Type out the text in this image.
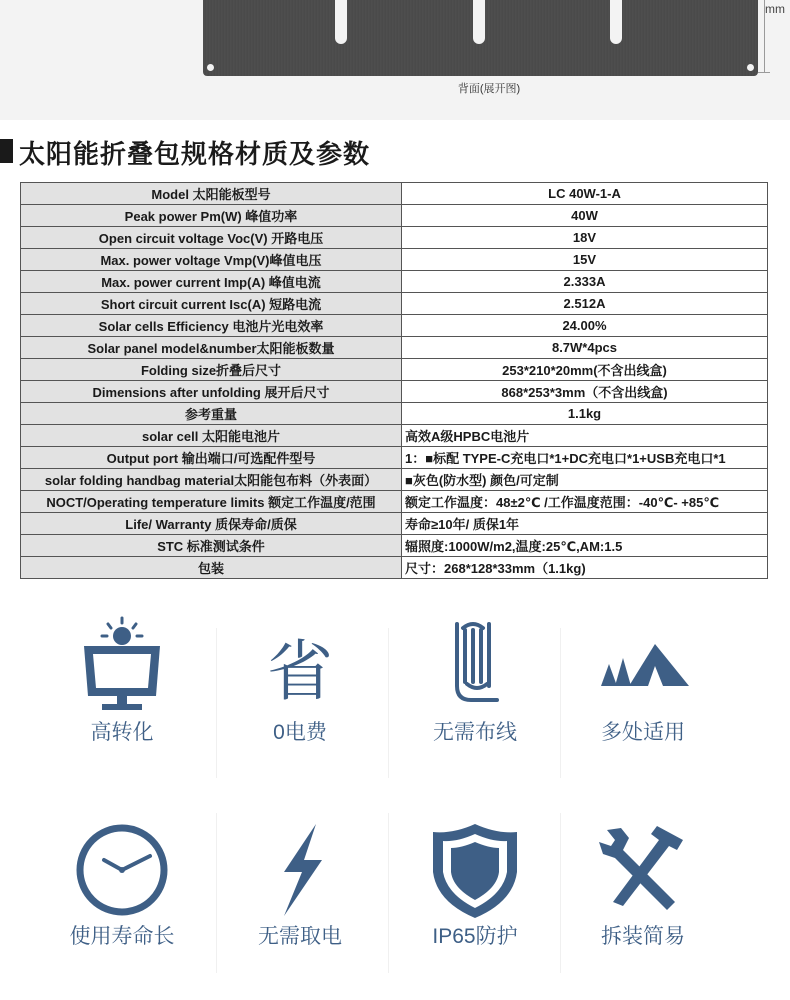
mm
背面(展开图)
太阳能折叠包规格材质及参数
Model 太阳能板型号	LC 40W-1-A
Peak power Pm(W) 峰值功率	40W
Open circuit voltage Voc(V) 开路电压	18V
Max. power voltage Vmp(V)峰值电压	15V
Max. power current Imp(A) 峰值电流	2.333A
Short circuit current Isc(A) 短路电流	2.512A
Solar cells Efficiency 电池片光电效率	24.00%
Solar panel model&number太阳能板数量	8.7W*4pcs
Folding size折叠后尺寸	253*210*20mm(不含出线盒)
Dimensions after unfolding 展开后尺寸	868*253*3mm（不含出线盒)
参考重量	1.1kg
solar cell 太阳能电池片	高效A级HPBC电池片
Output port 输出端口/可选配件型号	1：■标配 TYPE-C充电口*1+DC充电口*1+USB充电口*1
solar folding handbag material太阳能包布料（外表面）	■灰色(防水型) 颜色/可定制
NOCT/Operating temperature limits 额定工作温度/范围	额定工作温度：48±2℃ /工作温度范围：-40℃- +85℃
Life/ Warranty 质保寿命/质保	寿命≥10年/ 质保1年
STC 标准测试条件	辐照度:1000W/m2,温度:25℃,AM:1.5
包装	尺寸：268*128*33mm（1.1kg)
高转化
省
0电费	无需布线	多处适用
使用寿命长	无需取电	IP65防护	拆装简易
